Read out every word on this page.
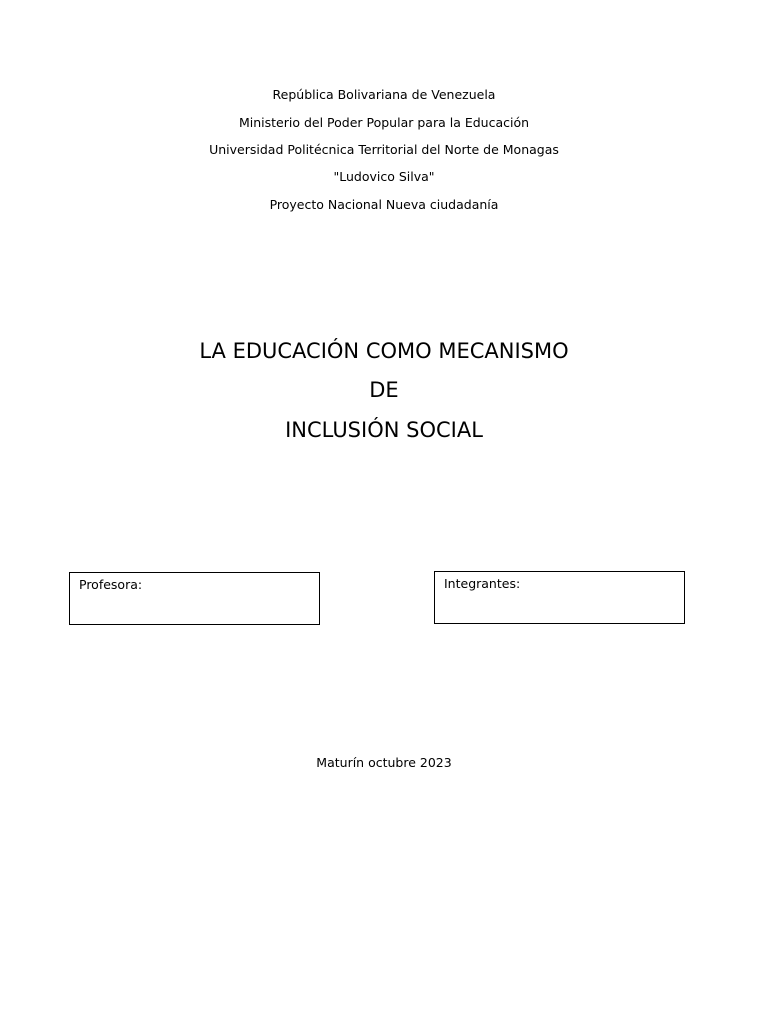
República Bolivariana de Venezuela
Ministerio del Poder Popular para la Educación
Universidad Politécnica Territorial del Norte de Monagas
"Ludovico Silva"
Proyecto Nacional Nueva ciudadanía
LA EDUCACIÓN COMO MECANISMO
DE
INCLUSIÓN SOCIAL
Profesora:	Integrantes:
Maturín octubre 2023
